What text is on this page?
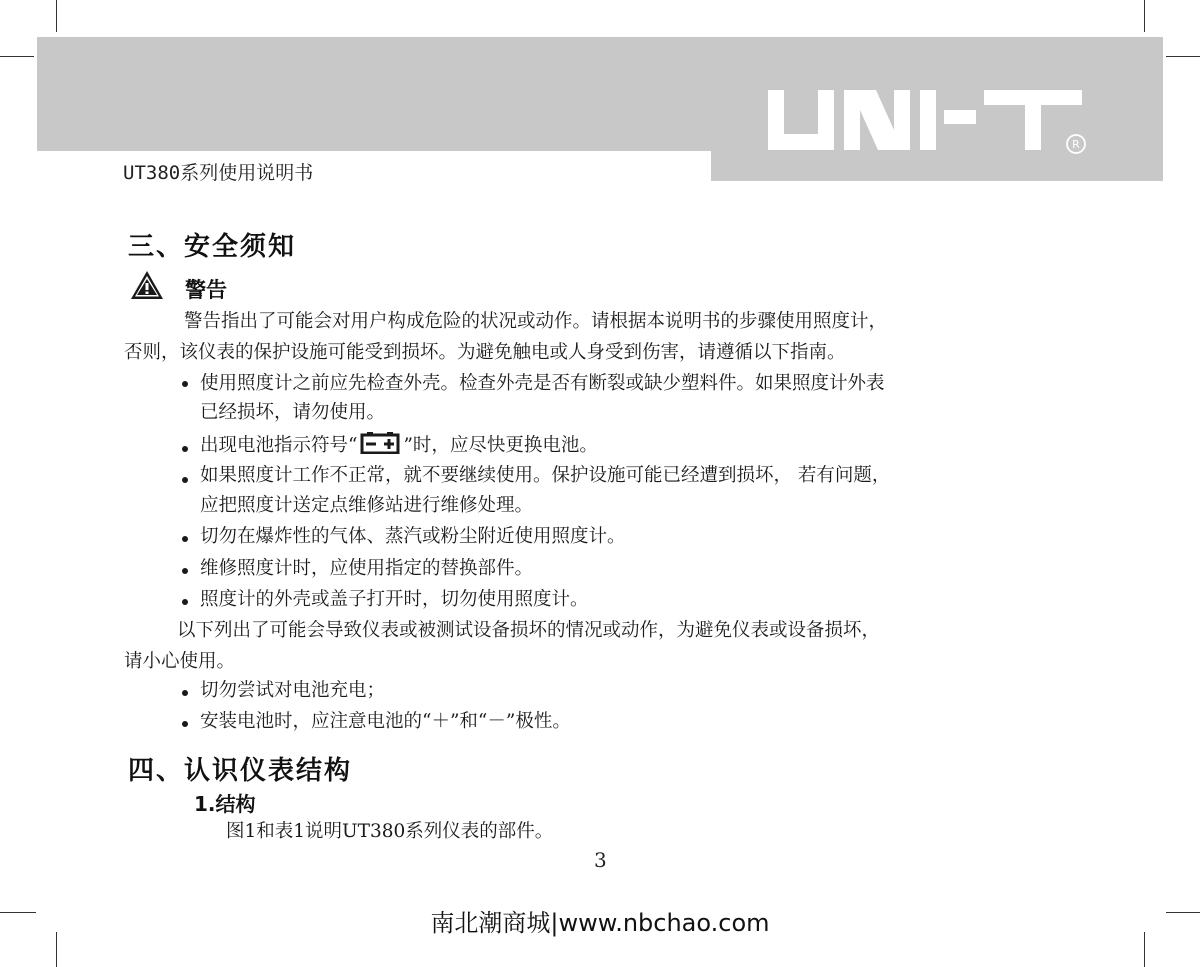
R
UT380系列使用说明书
三、安全须知
警告
警告指出了可能会对用户构成危险的状况或动作。请根据本说明书的步骤使用照度计，
否则，该仪表的保护设施可能受到损坏。为避免触电或人身受到伤害，请遵循以下指南。
使用照度计之前应先检查外壳。检查外壳是否有断裂或缺少塑料件。如果照度计外表
已经损坏，请勿使用。
出现电池指示符号“ ”时，应尽快更换电池。
如果照度计工作不正常，就不要继续使用。保护设施可能已经遭到损坏， 若有问题，
应把照度计送定点维修站进行维修处理。
切勿在爆炸性的气体、蒸汽或粉尘附近使用照度计。
维修照度计时，应使用指定的替换部件。
照度计的外壳或盖子打开时，切勿使用照度计。
以下列出了可能会导致仪表或被测试设备损坏的情况或动作，为避免仪表或设备损坏，
请小心使用。
切勿尝试对电池充电；
安装电池时，应注意电池的“＋”和“－”极性。
四、认识仪表结构
1.结构
图1和表1说明UT380系列仪表的部件。
3
南北潮商城|www.nbchao.com
